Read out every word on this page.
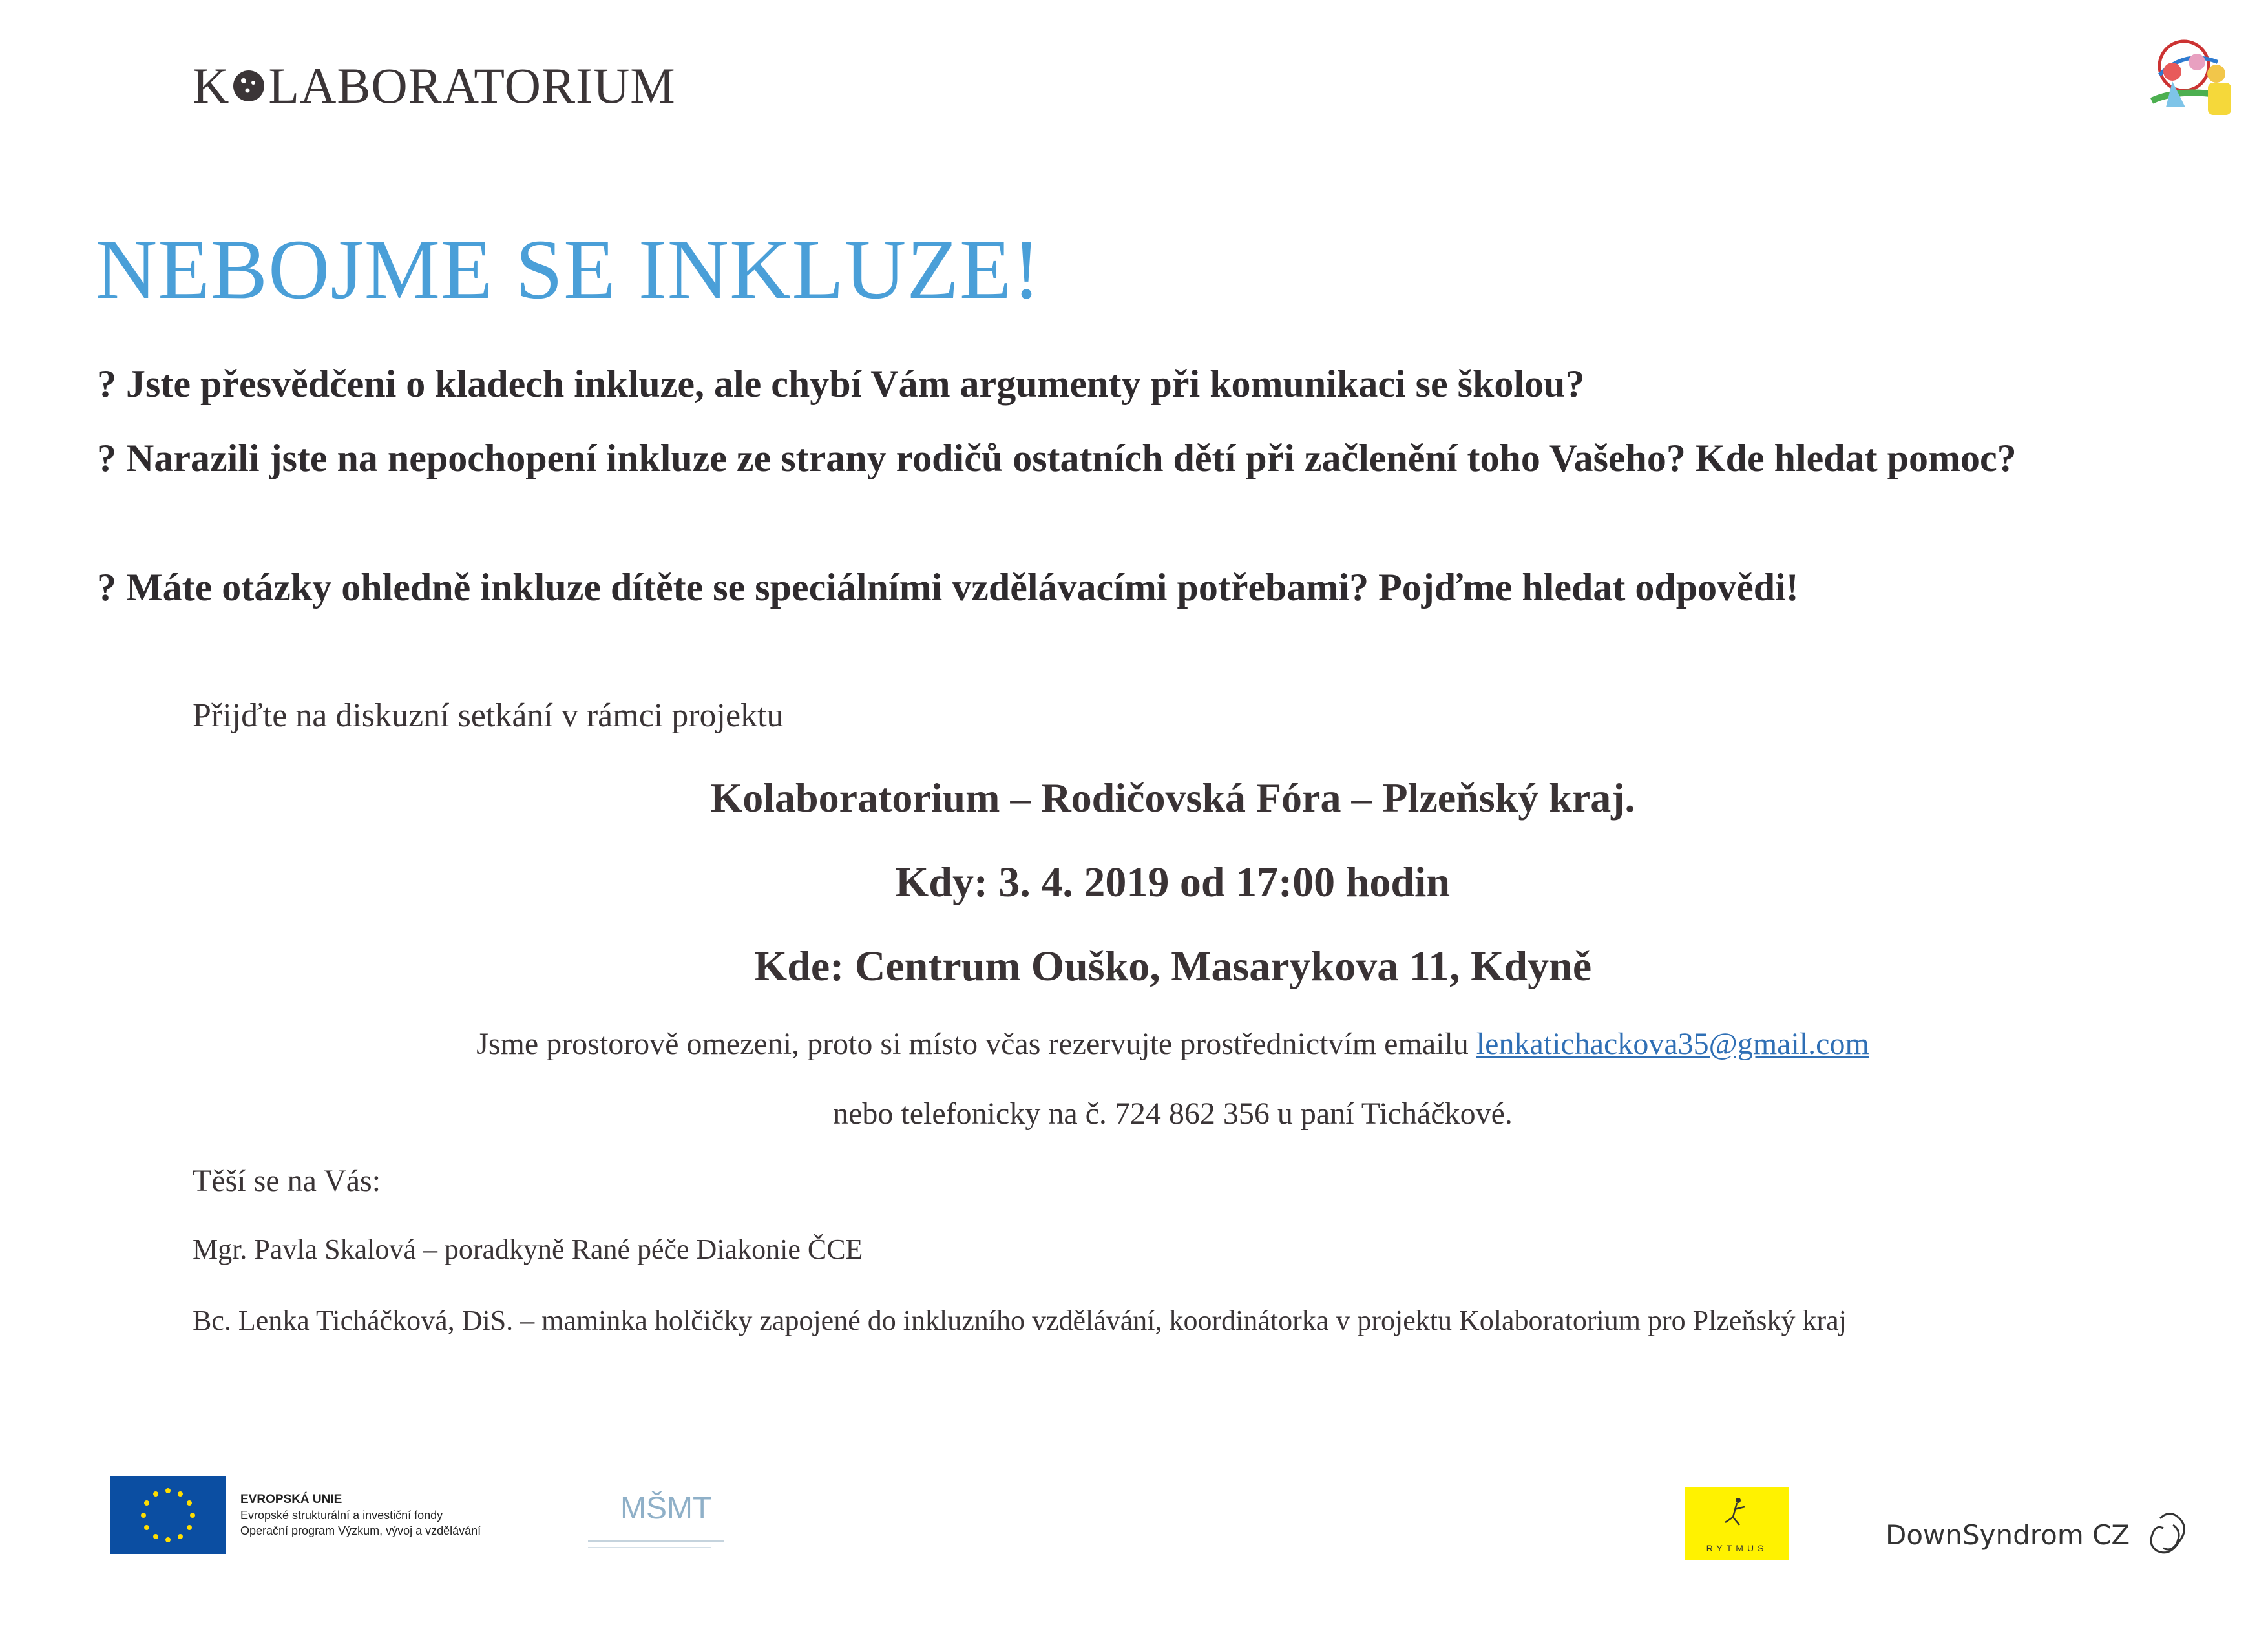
K LABORATORIUM
NEBOJME SE INKLUZE!
? Jste přesvědčeni o kladech inkluze, ale chybí Vám argumenty při komunikaci se školou?
? Narazili jste na nepochopení inkluze ze strany rodičů ostatních dětí při začlenění toho Vašeho? Kde hledat pomoc?
? Máte otázky ohledně inkluze dítěte se speciálními vzdělávacími potřebami? Pojďme hledat odpovědi!
Přijďte na diskuzní setkání v rámci projektu
Kolaboratorium – Rodičovská Fóra – Plzeňský kraj.
Kdy: 3. 4. 2019 od 17:00 hodin
Kde: Centrum Ouško, Masarykova 11, Kdyně
Jsme prostorově omezeni, proto si místo včas rezervujte prostřednictvím emailu lenkatichackova35@gmail.com
nebo telefonicky na č. 724 862 356 u paní Ticháčkové.
Těší se na Vás:
Mgr. Pavla Skalová – poradkyně Rané péče Diakonie ČCE
Bc. Lenka Ticháčková, DiS. – maminka holčičky zapojené do inkluzního vzdělávání, koordinátorka v projektu Kolaboratorium pro Plzeňský kraj
EVROPSKÁ UNIE
Evropské strukturální a investiční fondy
Operační program Výzkum, vývoj a vzdělávání
MŠMT
RYTMUS	DownSyndrom CZ
